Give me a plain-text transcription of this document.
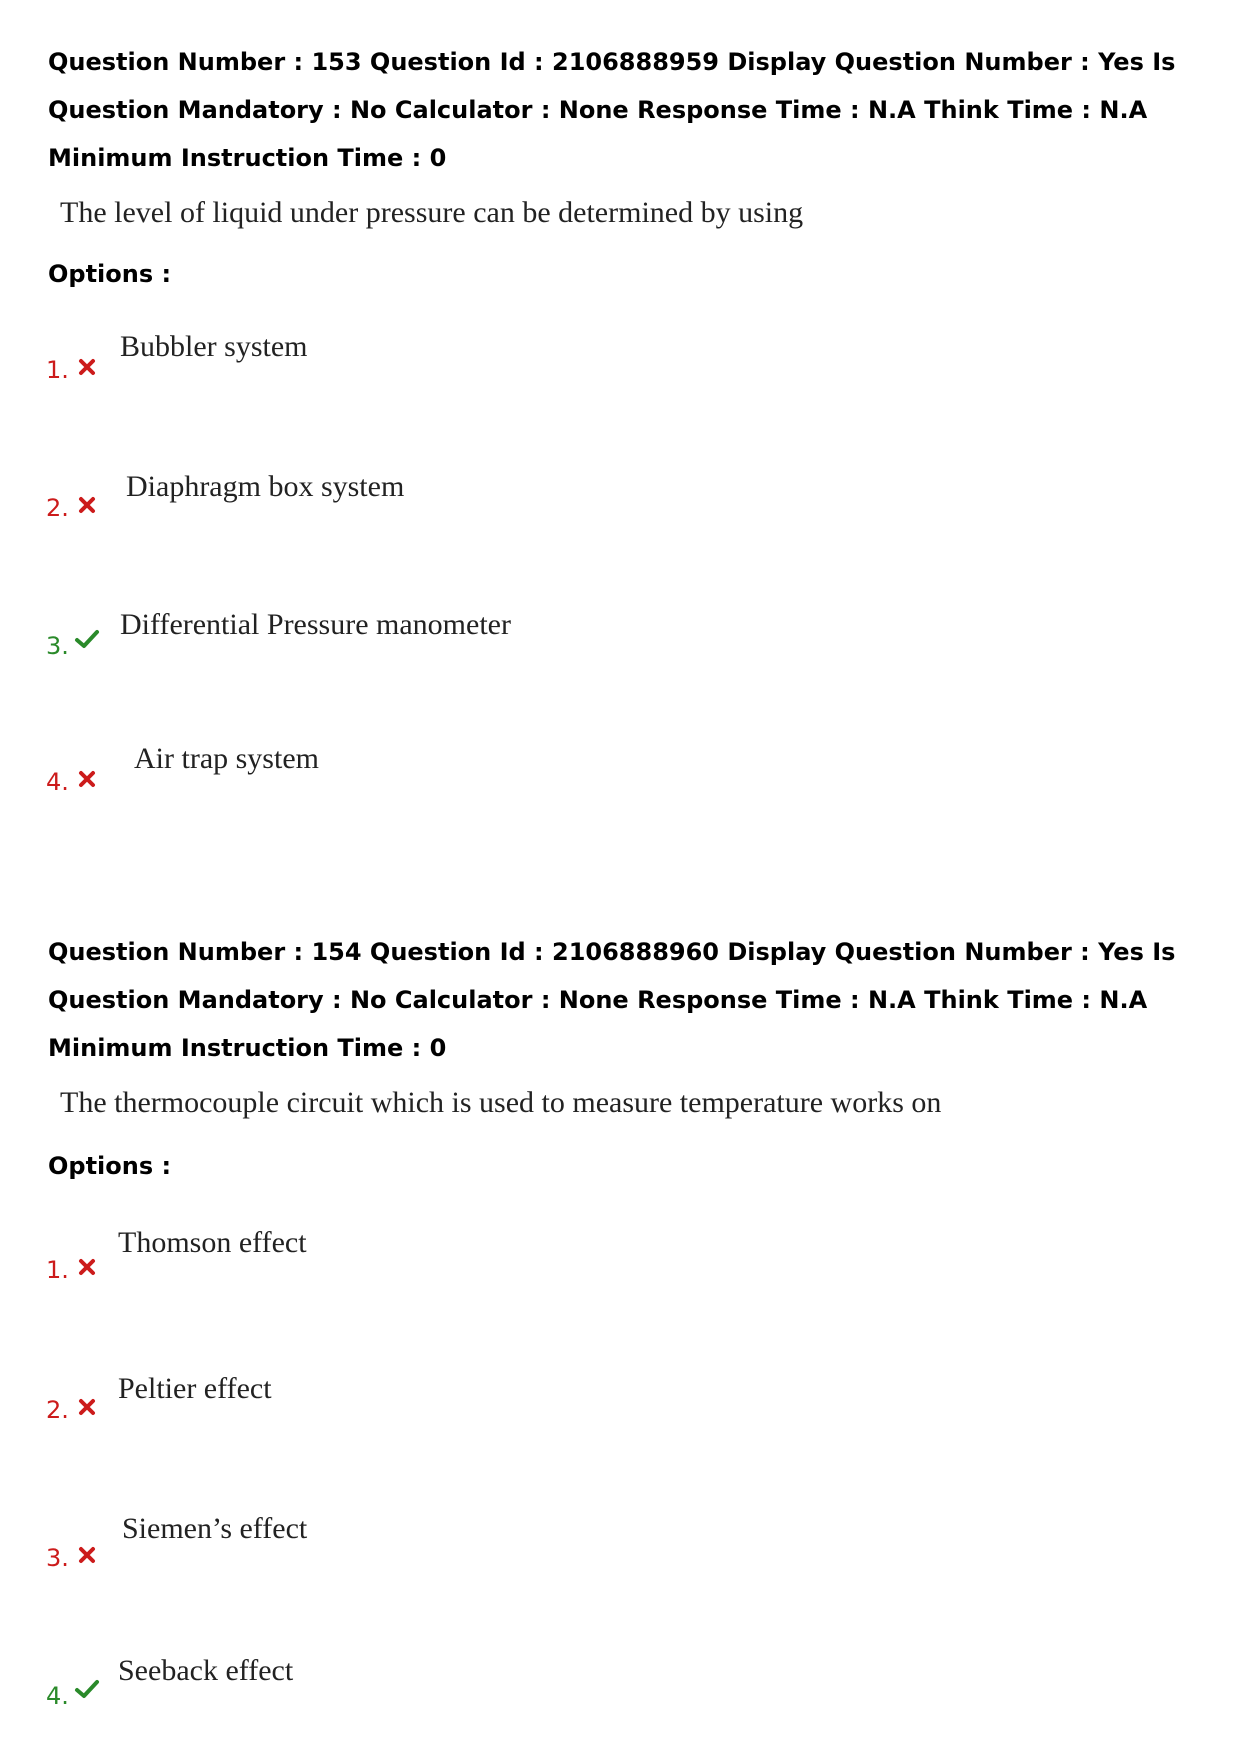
Question Number : 153 Question Id : 2106888959 Display Question Number : Yes Is Question Mandatory : No Calculator : None Response Time : N.A Think Time : N.A Minimum Instruction Time : 0

The level of liquid under pressure can be determined by using
Options :
1.
Bubbler system
2.
Diaphragm box system
3.
Differential Pressure manometer
4.
Air trap system

Question Number : 154 Question Id : 2106888960 Display Question Number : Yes Is Question Mandatory : No Calculator : None Response Time : N.A Think Time : N.A Minimum Instruction Time : 0

The thermocouple circuit which is used to measure temperature works on
Options :
1.
Thomson effect
2.
Peltier effect
3.
Siemen’s effect
4.
Seeback effect
